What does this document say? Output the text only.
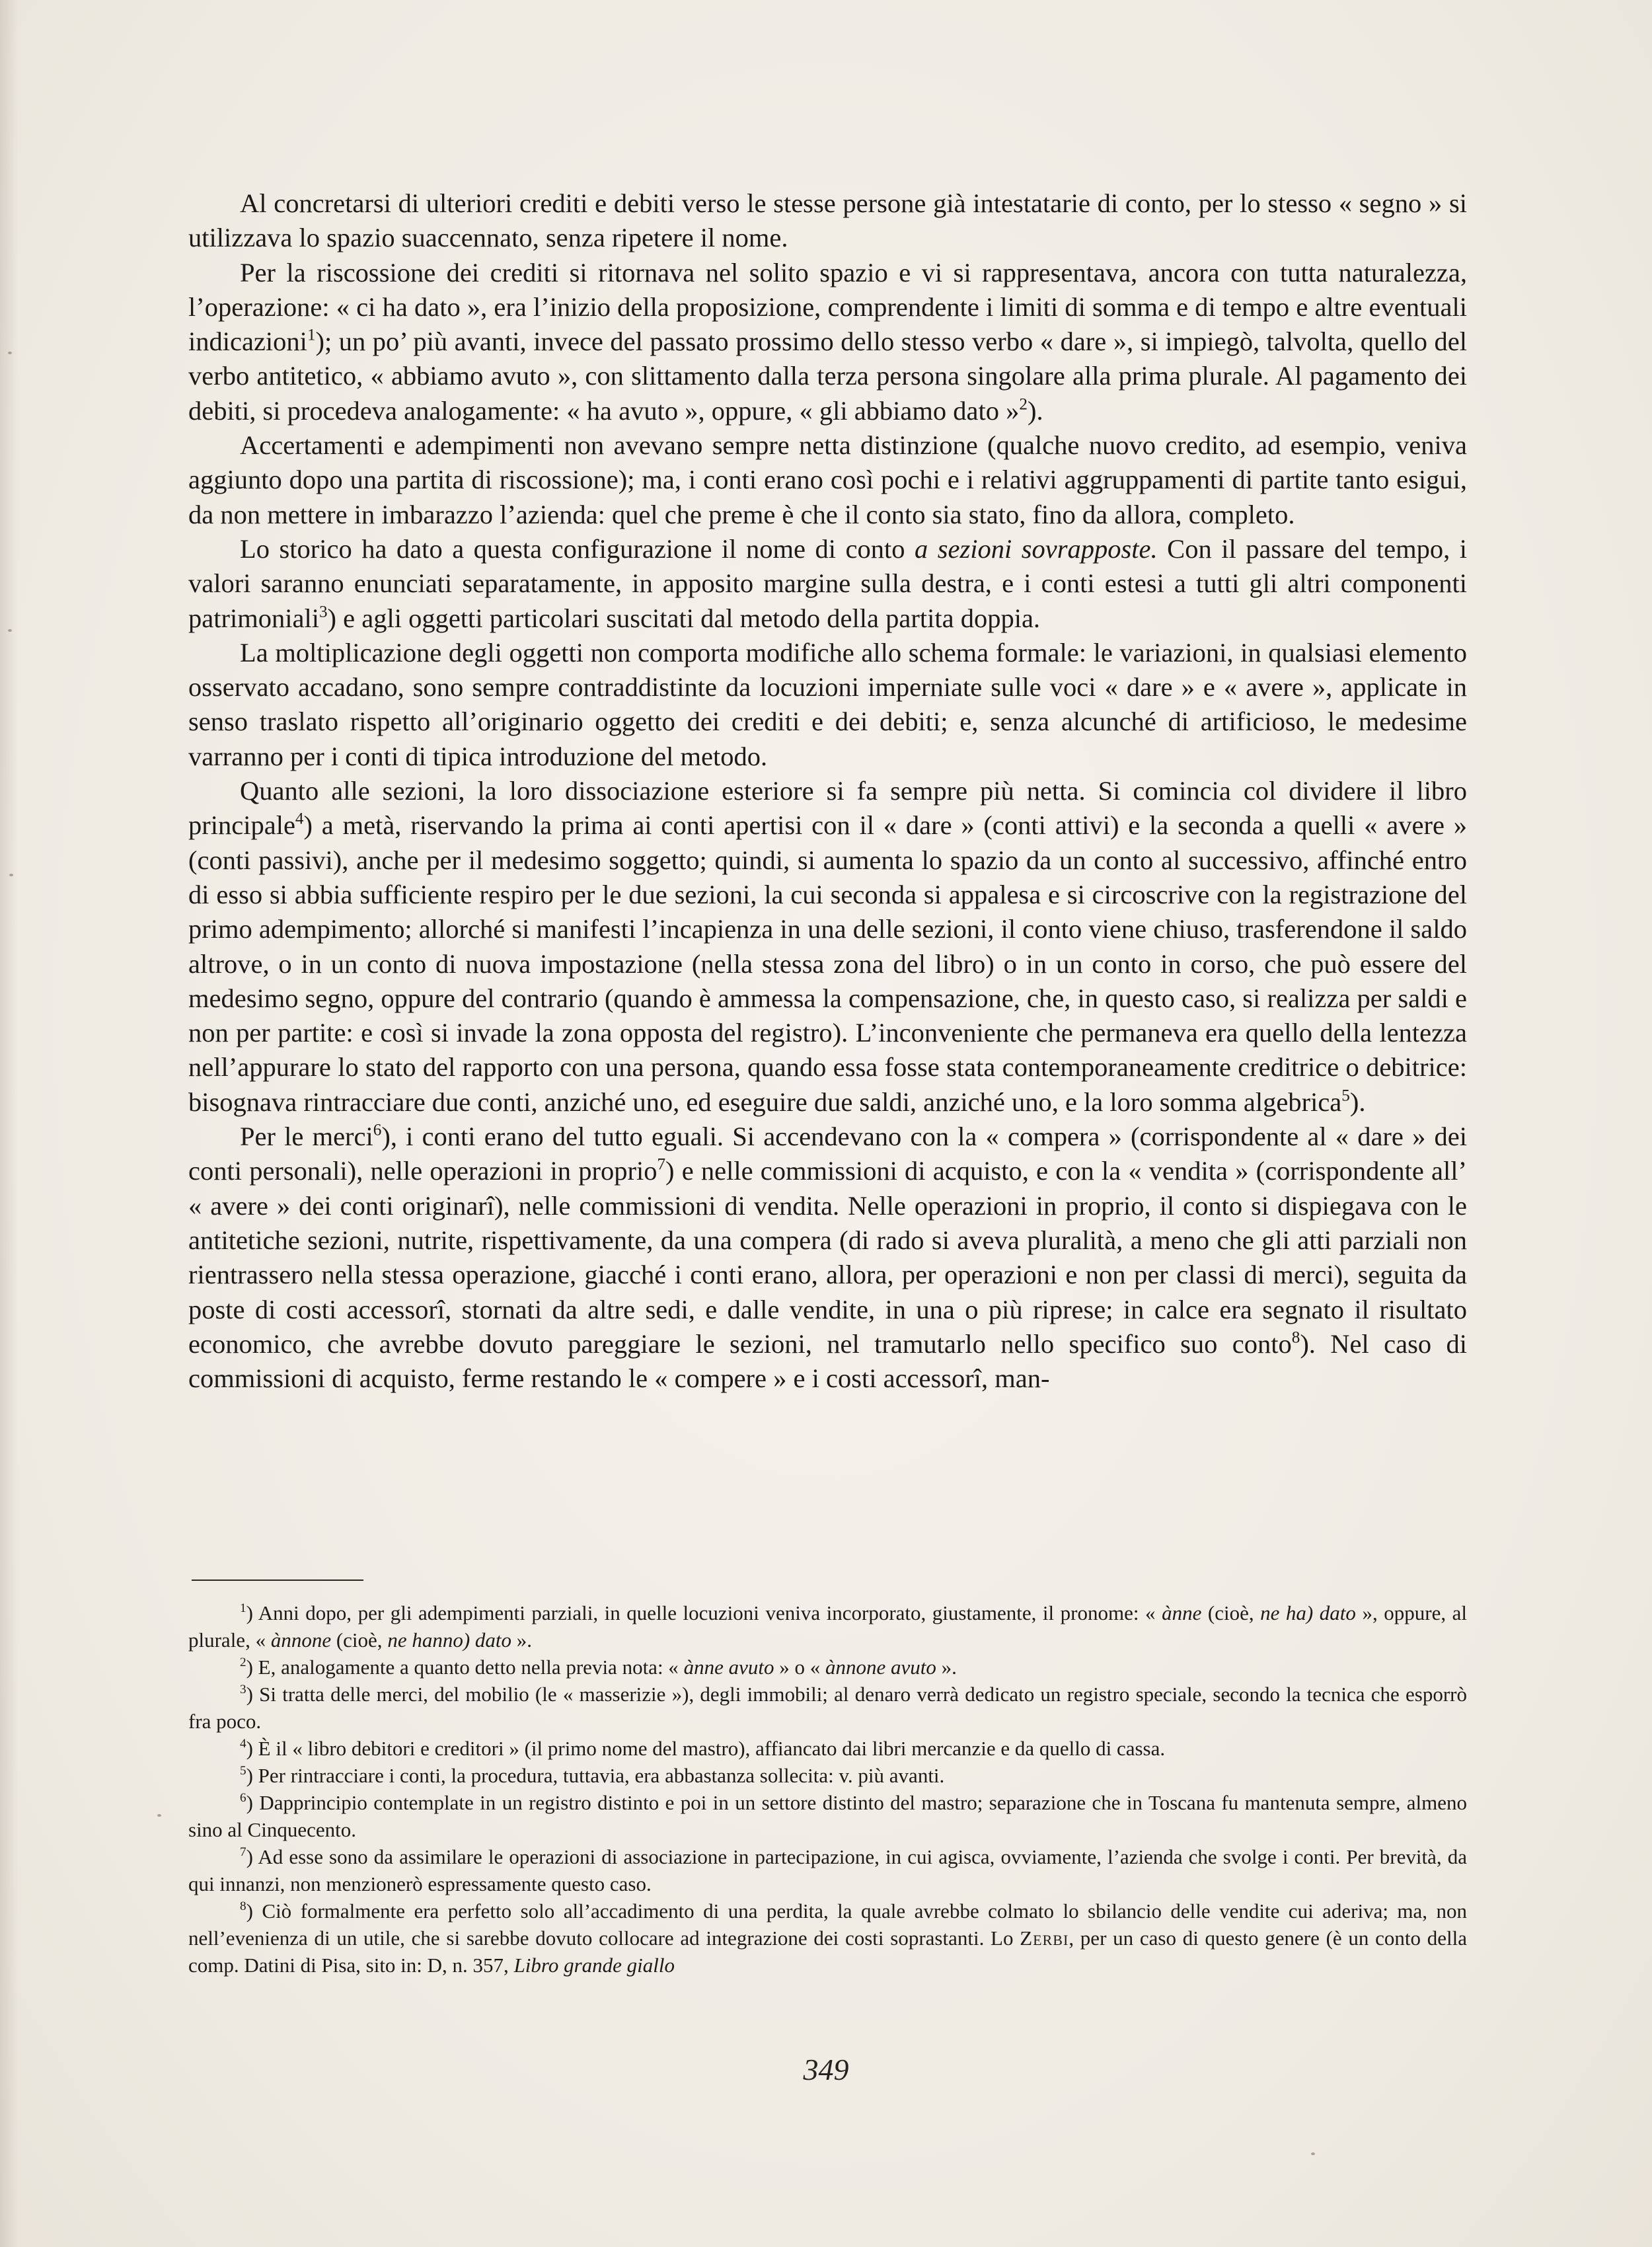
Al concretarsi di ulteriori crediti e debiti verso le stesse persone già intestatarie di conto, per lo stesso « segno » si utilizzava lo spazio suaccennato, senza ripetere il nome.

Per la riscossione dei crediti si ritornava nel solito spazio e vi si rappresentava, ancora con tutta naturalezza, l’operazione: « ci ha dato », era l’inizio della proposizione, comprendente i limiti di somma e di tempo e altre eventuali indicazioni$^1$); un po’ più avanti, invece del passato prossimo dello stesso verbo « dare », si impiegò, talvolta, quello del verbo antitetico, « abbiamo avuto », con slittamento dalla terza persona singolare alla prima plurale. Al pagamento dei debiti, si procedeva analogamente: « ha avuto », oppure, « gli abbiamo dato »$^2$).

Accertamenti e adempimenti non avevano sempre netta distinzione (qualche nuovo credito, ad esempio, veniva aggiunto dopo una partita di riscossione); ma, i conti erano così pochi e i relativi aggruppamenti di partite tanto esigui, da non mettere in imbarazzo l’azienda: quel che preme è che il conto sia stato, fino da allora, completo.

Lo storico ha dato a questa configurazione il nome di conto a sezioni sovrapposte. Con il passare del tempo, i valori saranno enunciati separatamente, in apposito margine sulla destra, e i conti estesi a tutti gli altri componenti patrimoniali$^3$) e agli oggetti particolari suscitati dal metodo della partita doppia.

La moltiplicazione degli oggetti non comporta modifiche allo schema formale: le variazioni, in qualsiasi elemento osservato accadano, sono sempre contraddistinte da locuzioni imperniate sulle voci « dare » e « avere », applicate in senso traslato rispetto all’originario oggetto dei crediti e dei debiti; e, senza alcunché di artificioso, le medesime varranno per i conti di tipica introduzione del metodo.

Quanto alle sezioni, la loro dissociazione esteriore si fa sempre più netta. Si comincia col dividere il libro principale$^4$) a metà, riservando la prima ai conti apertisi con il « dare » (conti attivi) e la seconda a quelli « avere » (conti passivi), anche per il medesimo soggetto; quindi, si aumenta lo spazio da un conto al successivo, affinché entro di esso si abbia sufficiente respiro per le due sezioni, la cui seconda si appalesa e si circoscrive con la registrazione del primo adempimento; allorché si manifesti l’incapienza in una delle sezioni, il conto viene chiuso, trasferendone il saldo altrove, o in un conto di nuova impostazione (nella stessa zona del libro) o in un conto in corso, che può essere del medesimo segno, oppure del contrario (quando è ammessa la compensazione, che, in questo caso, si realizza per saldi e non per partite: e così si invade la zona opposta del registro). L’inconveniente che permaneva era quello della lentezza nell’appurare lo stato del rapporto con una persona, quando essa fosse stata contemporaneamente creditrice o debitrice: bisognava rintracciare due conti, anziché uno, ed eseguire due saldi, anziché uno, e la loro somma algebrica$^5$).

Per le merci$^6$), i conti erano del tutto eguali. Si accendevano con la « compera » (corrispondente al « dare » dei conti personali), nelle operazioni in proprio$^7$) e nelle commissioni di acquisto, e con la « vendita » (corrispondente all’ « avere » dei conti originarî), nelle commissioni di vendita. Nelle operazioni in proprio, il conto si dispiegava con le antitetiche sezioni, nutrite, rispettivamente, da una compera (di rado si aveva pluralità, a meno che gli atti parziali non rientrassero nella stessa operazione, giacché i conti erano, allora, per operazioni e non per classi di merci), seguita da poste di costi accessorî, stornati da altre sedi, e dalle vendite, in una o più riprese; in calce era segnato il risultato economico, che avrebbe dovuto pareggiare le sezioni, nel tramutarlo nello specifico suo conto$^8$). Nel caso di commissioni di acquisto, ferme restando le « compere » e i costi accessorî, man-

$^1$) Anni dopo, per gli adempimenti parziali, in quelle locuzioni veniva incorporato, giustamente, il pronome: « ànne (cioè, ne ha) dato », oppure, al plurale, « ànnone (cioè, ne hanno) dato ».

$^2$) E, analogamente a quanto detto nella previa nota: « ànne avuto » o « ànnone avuto ».

$^3$) Si tratta delle merci, del mobilio (le « masserizie »), degli immobili; al denaro verrà dedicato un registro speciale, secondo la tecnica che esporrò fra poco.

$^4$) È il « libro debitori e creditori » (il primo nome del mastro), affiancato dai libri mercanzie e da quello di cassa.

$^5$) Per rintracciare i conti, la procedura, tuttavia, era abbastanza sollecita: v. più avanti.

$^6$) Dapprincipio contemplate in un registro distinto e poi in un settore distinto del mastro; separazione che in Toscana fu mantenuta sempre, almeno sino al Cinquecento.

$^7$) Ad esse sono da assimilare le operazioni di associazione in partecipazione, in cui agisca, ovviamente, l’azienda che svolge i conti. Per brevità, da qui innanzi, non menzionerò espressamente questo caso.

$^8$) Ciò formalmente era perfetto solo all’accadimento di una perdita, la quale avrebbe colmato lo sbilancio delle vendite cui aderiva; ma, non nell’evenienza di un utile, che si sarebbe dovuto collocare ad integrazione dei costi soprastanti. Lo Zerbi, per un caso di questo genere (è un conto della comp. Datini di Pisa, sito in: D, n. 357, Libro grande giallo

349
